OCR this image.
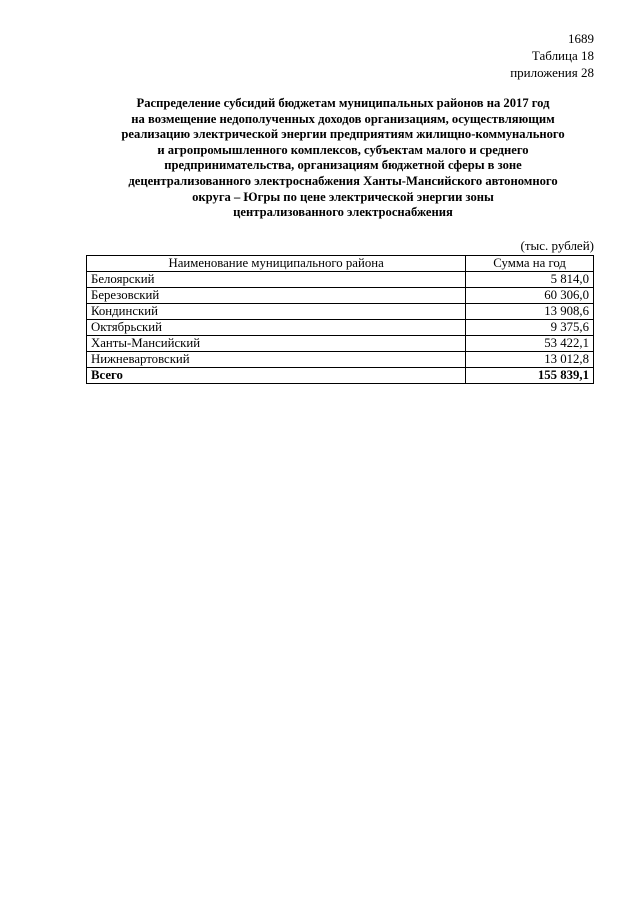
1689
Таблица 18
приложения 28
Распределение субсидий бюджетам муниципальных районов на 2017 год
на возмещение недополученных доходов организациям, осуществляющим
реализацию электрической энергии предприятиям жилищно-коммунального
и агропромышленного комплексов, субъектам малого и среднего
предпринимательства, организациям бюджетной сферы в зоне
децентрализованного электроснабжения Ханты-Мансийского автономного
округа – Югры по цене электрической энергии зоны
централизованного электроснабжения
(тыс. рублей)
Наименование муниципального района	Сумма на год
Белоярский	5 814,0
Березовский	60 306,0
Кондинский	13 908,6
Октябрьский	9 375,6
Ханты-Мансийский	53 422,1
Нижневартовский	13 012,8
Всего	155 839,1
